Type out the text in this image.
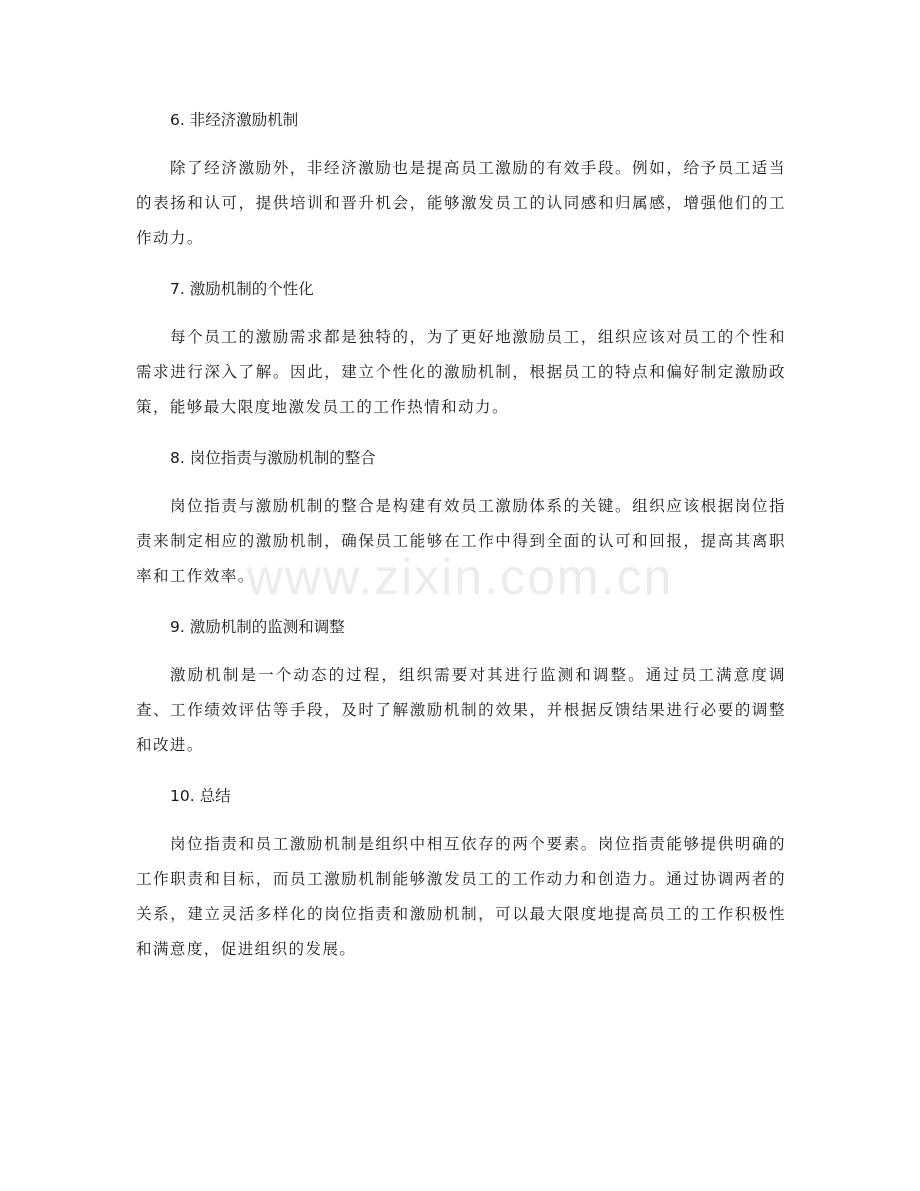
6. 非经济激励机制

除了经济激励外，非经济激励也是提高员工激励的有效手段。例如，给予员工适当的表扬和认可，提供培训和晋升机会，能够激发员工的认同感和归属感，增强他们的工作动力。

7. 激励机制的个性化

每个员工的激励需求都是独特的，为了更好地激励员工，组织应该对员工的个性和需求进行深入了解。因此，建立个性化的激励机制，根据员工的特点和偏好制定激励政策，能够最大限度地激发员工的工作热情和动力。

8. 岗位指责与激励机制的整合

岗位指责与激励机制的整合是构建有效员工激励体系的关键。组织应该根据岗位指责来制定相应的激励机制，确保员工能够在工作中得到全面的认可和回报，提高其离职率和工作效率。

9. 激励机制的监测和调整

激励机制是一个动态的过程，组织需要对其进行监测和调整。通过员工满意度调查、工作绩效评估等手段，及时了解激励机制的效果，并根据反馈结果进行必要的调整和改进。

10. 总结

岗位指责和员工激励机制是组织中相互依存的两个要素。岗位指责能够提供明确的工作职责和目标，而员工激励机制能够激发员工的工作动力和创造力。通过协调两者的关系，建立灵活多样化的岗位指责和激励机制，可以最大限度地提高员工的工作积极性和满意度，促进组织的发展。

www.zixin.com.cn
